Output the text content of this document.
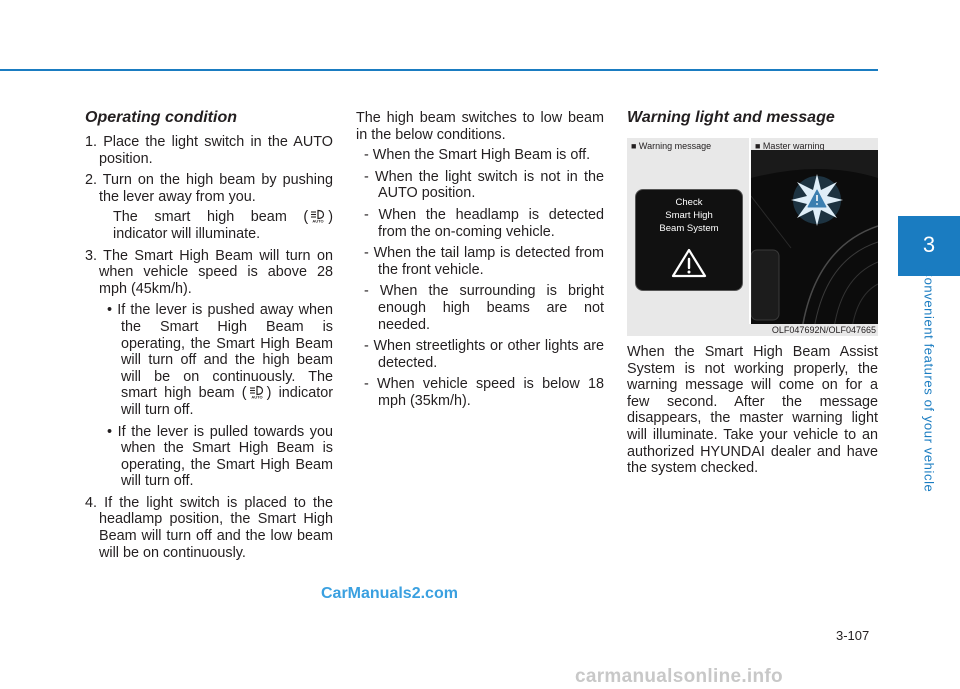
3
Convenient features of your vehicle
Operating condition
1. Place the light switch in the AUTO position.
2. Turn on the high beam by pushing the lever away from you.
The smart high beam ( AUTO ) indicator will illuminate.
3. The Smart High Beam will turn on when vehicle speed is above 28 mph (45km/h).
• If the lever is pushed away when the Smart High Beam is operating, the Smart High Beam will turn off and the high beam will be on continuously. The smart high beam ( AUTO ) indicator will turn off.
• If the lever is pulled towards you when the Smart High Beam is operating, the Smart High Beam will turn off.
4. If the light switch is placed to the headlamp position, the Smart High Beam will turn off and the low beam will be on continuously.

The high beam switches to low beam in the below conditions.

- When the Smart High Beam is off.
- When the light switch is not in the AUTO position.
- When the headlamp is detected from the on-coming vehicle.
- When the tail lamp is detected from the front vehicle.
- When the surrounding is bright enough high beams are not needed.
- When streetlights or other lights are detected.
- When vehicle speed is below 18 mph (35km/h).
Warning light and message
Check
Smart High
Beam System
■ Warning message	■ Master warning
OLF047692N/OLF047665
When the Smart High Beam Assist System is not working properly, the warning message will come on for a few second. After the message disappears, the master warning light will illuminate. Take your vehicle to an authorized HYUNDAI dealer and have the system checked.
CarManuals2.com
3-107
carmanualsonline.info
